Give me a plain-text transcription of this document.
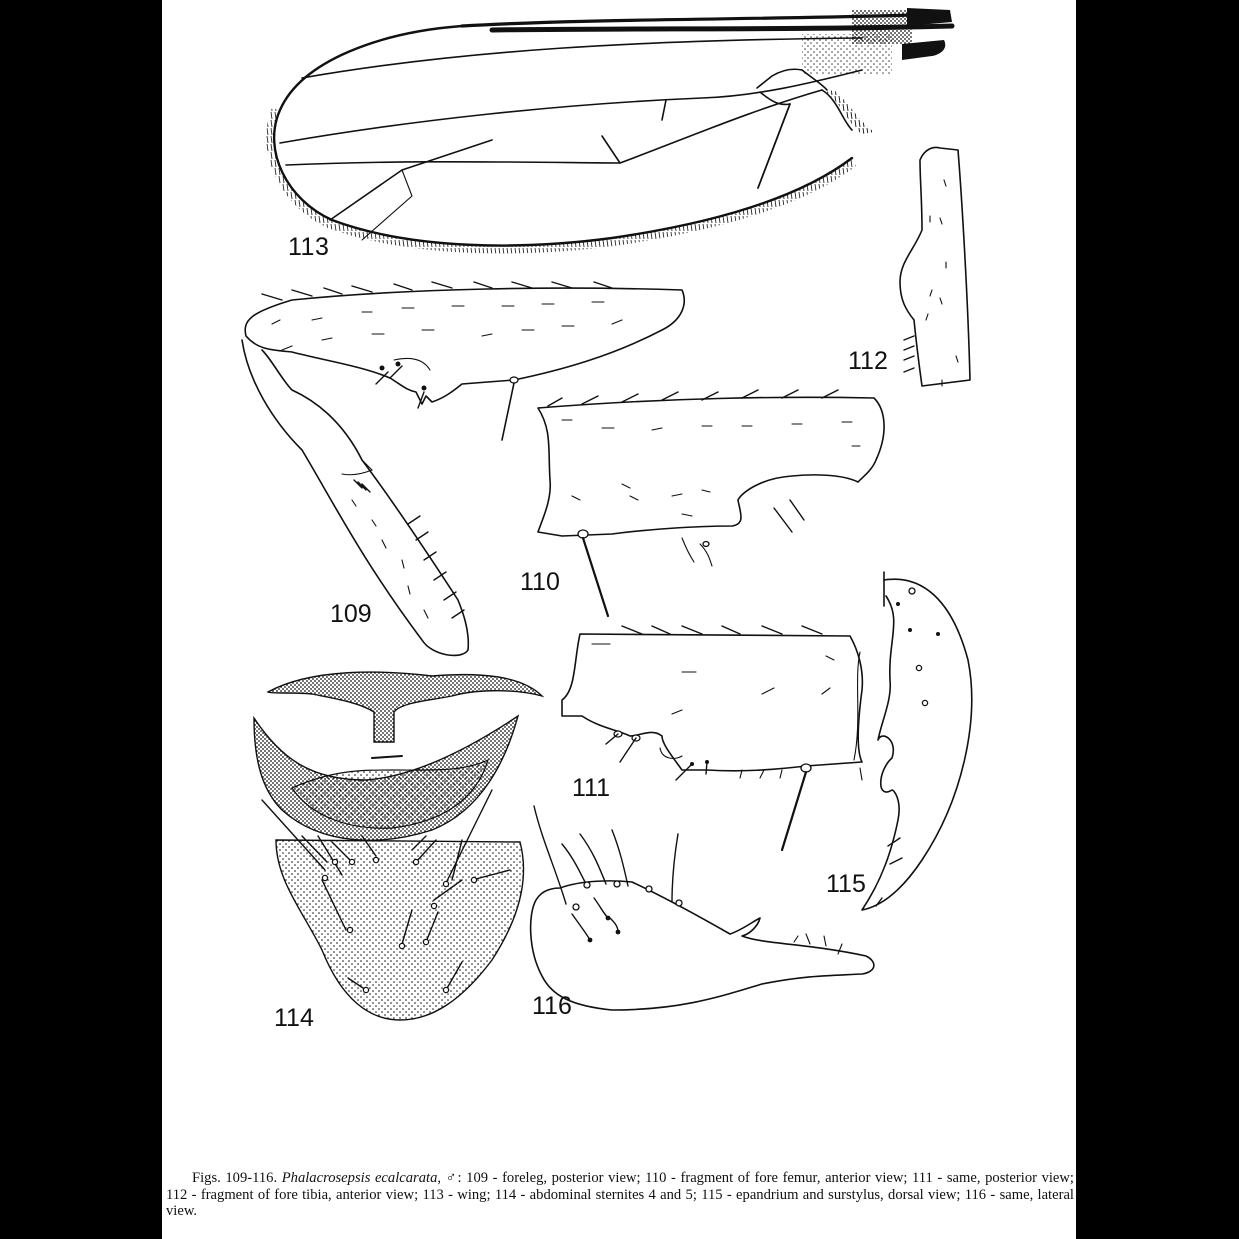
113
112
109
110
111
115
114	116
Figs. 109-116. Phalacrosepsis ecalcarata, ♂: 109 - foreleg, posterior view; 110 - fragment of fore femur, anterior view; 111 - same, posterior view; 112 - fragment of fore tibia, anterior view; 113 - wing; 114 - abdominal sternites 4 and 5; 115 - epandrium and surstylus, dorsal view; 116 - same, lateral view.
